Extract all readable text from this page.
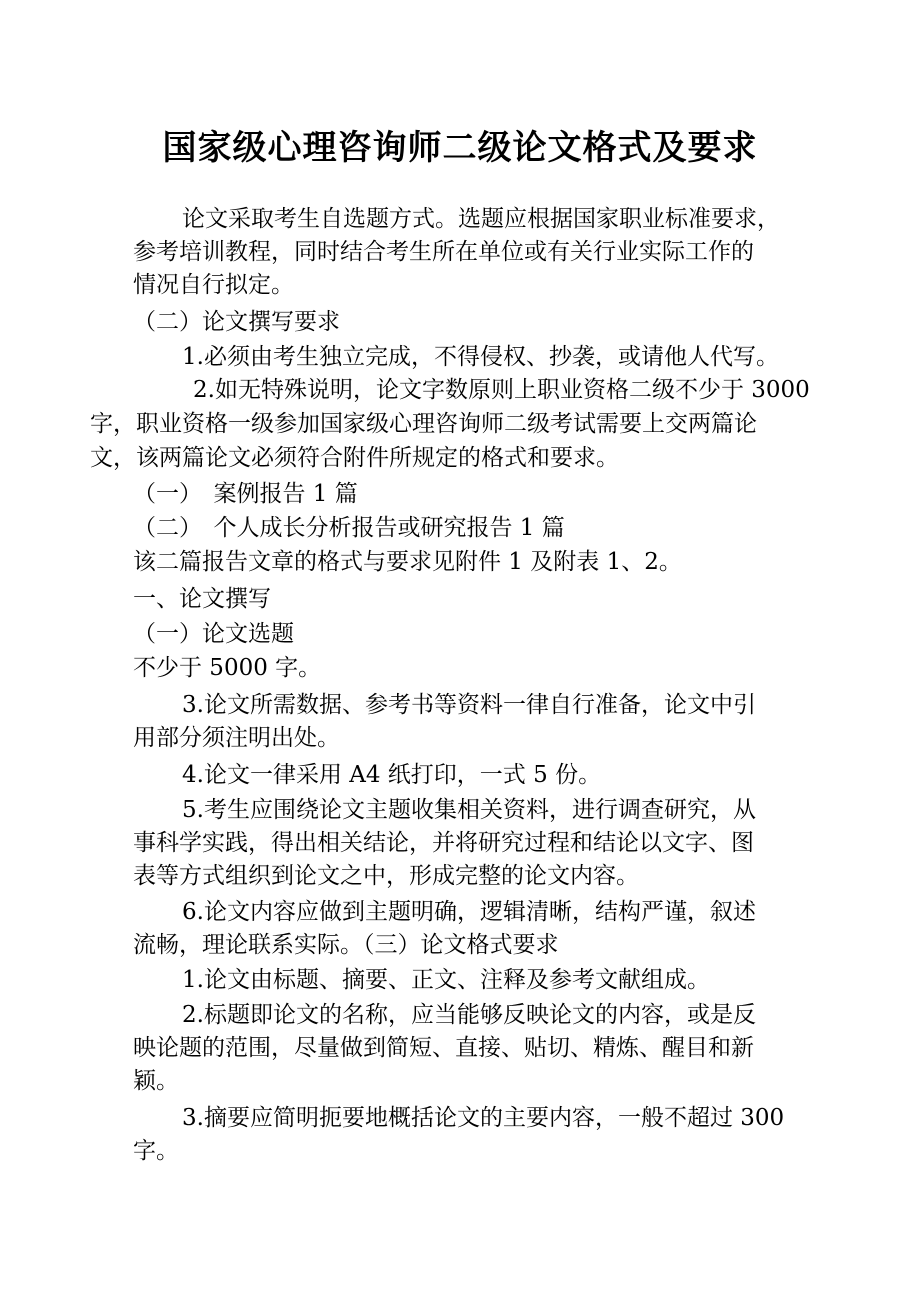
国家级心理咨询师二级论文格式及要求
论文采取考生自选题方式。选题应根据国家职业标准要求，
参考培训教程，同时结合考生所在单位或有关行业实际工作的
情况自行拟定。
（二）论文撰写要求
1.必须由考生独立完成，不得侵权、抄袭，或请他人代写。
2.如无特殊说明，论文字数原则上职业资格二级不少于 3000
字，职业资格一级参加国家级心理咨询师二级考试需要上交两篇论
文，该两篇论文必须符合附件所规定的格式和要求。
（一）　案例报告 1 篇
（二）　个人成长分析报告或研究报告 1 篇
该二篇报告文章的格式与要求见附件 1 及附表 1、2。
一、论文撰写
（一）论文选题
不少于 5000 字。
3.论文所需数据、参考书等资料一律自行准备，论文中引
用部分须注明出处。
4.论文一律采用 A4 纸打印，一式 5 份。
5.考生应围绕论文主题收集相关资料，进行调查研究，从
事科学实践，得出相关结论，并将研究过程和结论以文字、图
表等方式组织到论文之中，形成完整的论文内容。
6.论文内容应做到主题明确，逻辑清晰，结构严谨，叙述
流畅，理论联系实际。（三）论文格式要求
1.论文由标题、摘要、正文、注释及参考文献组成。
2.标题即论文的名称，应当能够反映论文的内容，或是反
映论题的范围，尽量做到简短、直接、贴切、精炼、醒目和新
颖。
3.摘要应简明扼要地概括论文的主要内容，一般不超过 300
字。
